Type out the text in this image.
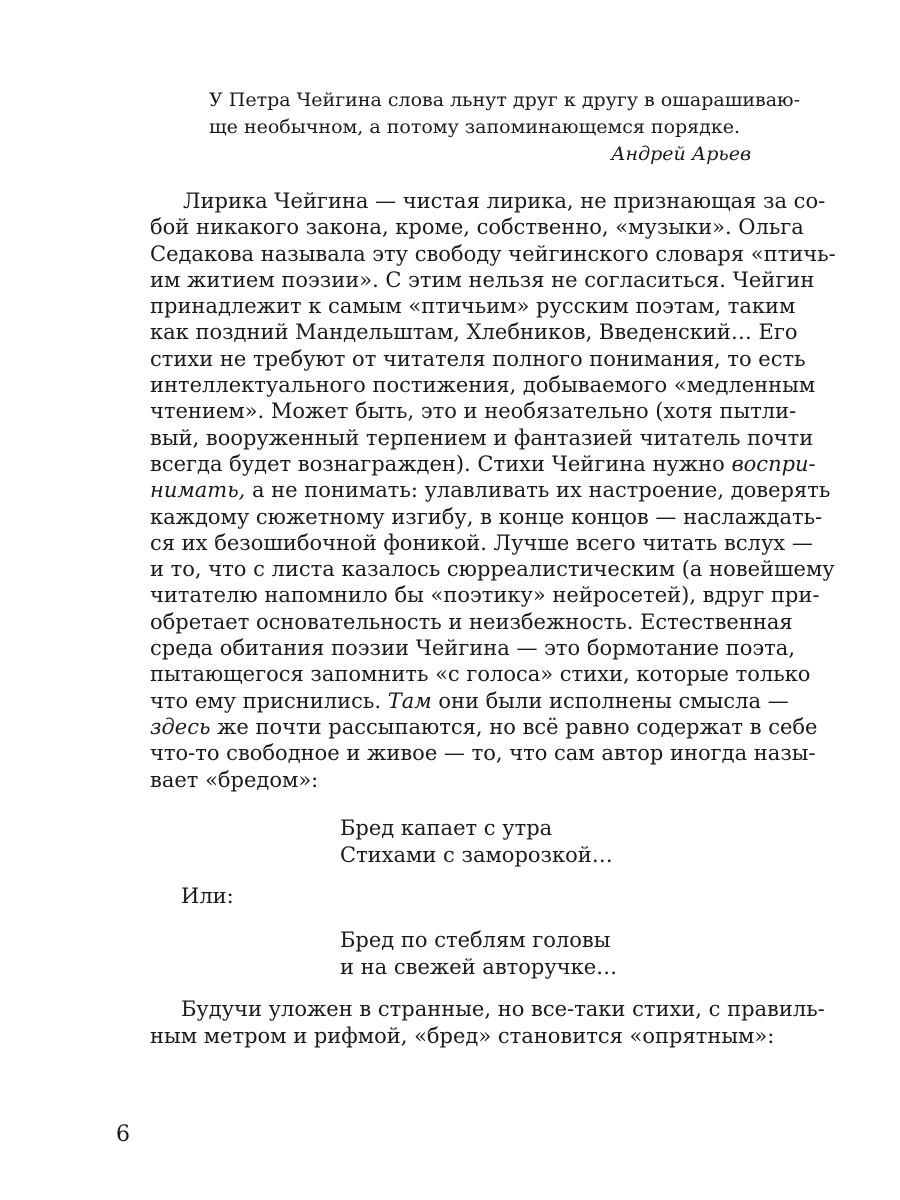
У Петра Чейгина слова льнут друг к другу в ошарашиваю-
ще необычном, а потому запоминающемся порядке.
Андрей Арьев
Лирика Чейгина — чистая лирика, не признающая за со-
бой никакого закона, кроме, собственно, «музыки». Ольга
Седакова называла эту свободу чейгинского словаря «птичь-
им житием поэзии». С этим нельзя не согласиться. Чейгин
принадлежит к самым «птичьим» русским поэтам, таким
как поздний Мандельштам, Хлебников, Введенский… Его
стихи не требуют от читателя полного понимания, то есть
интеллектуального постижения, добываемого «медленным
чтением». Может быть, это и необязательно (хотя пытли-
вый, вооруженный терпением и фантазией читатель почти
всегда будет вознагражден). Стихи Чейгина нужно воспри-
нимать, а не понимать: улавливать их настроение, доверять
каждому сюжетному изгибу, в конце концов — наслаждать-
ся их безошибочной фоникой. Лучше всего читать вслух —
и то, что с листа казалось сюрреалистическим (а новейшему
читателю напомнило бы «поэтику» нейросетей), вдруг при-
обретает основательность и неизбежность. Естественная
среда обитания поэзии Чейгина — это бормотание поэта,
пытающегося запомнить «с голоса» стихи, которые только
что ему приснились. Там они были исполнены смысла —
здесь же почти рассыпаются, но всё равно содержат в себе
что-то свободное и живое — то, что сам автор иногда назы-
вает «бредом»:
Бред капает с утра
Стихами с заморозкой…
Или:
Бред по стеблям головы
и на свежей авторучке…
Будучи уложен в странные, но все-таки стихи, с правиль-
ным метром и рифмой, «бред» становится «опрятным»:
6
